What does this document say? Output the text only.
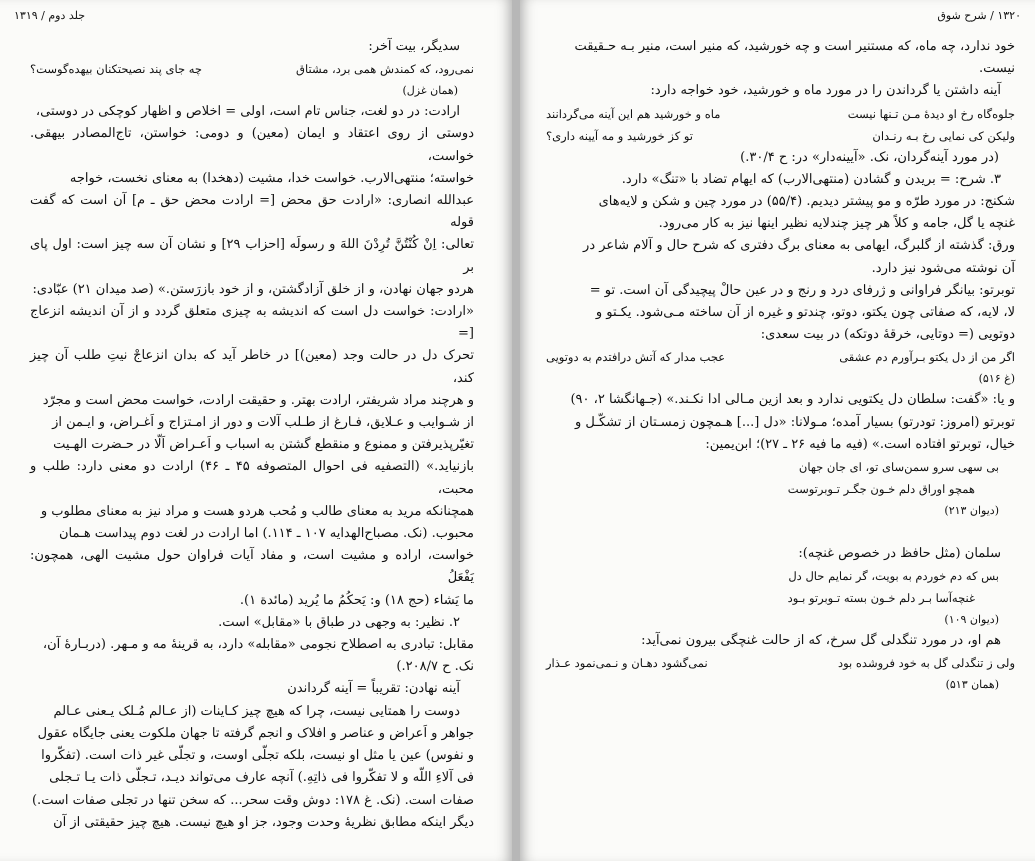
جلد دوم / ۱۳۱۹

سدیگر، بیت آخر:

نمی‌رود، که کمندش همی برد، مشتاق
چه جای پند نصیحتکنان بیهده‌گوست؟

(همان غزل)

ارادت: در دو لغت، جناس تام است، اولی = اخلاص و اظهار کوچکی در دوستی،

دوستی از روی اعتقاد و ایمان (معین) و دومی: خواستن، تاج‌المصادر بیهقی. خواست،

خواسته؛ منتهی‌الارب. خواست خدا، مشیت (دهخدا) به معنای نخست، خواجه

عبدالله انصاری: «ارادت حق محض [= ارادت محض حق ـ م] آن است که گفت قوله

تعالی: اِنْ کُنْتُنَّ تُرِدْنَ اللهَ و رسولَه [احزاب ۲۹] و نشان آن سه چیز است: اول پای بر

هردو جهان نهادن، و از خلق آزادگشتن، و از خود بازرَستن.» (صد میدان ۲۱) عبّادی:

«ارادت: خواست دل است که اندیشه به چیزی متعلق گردد و از آن اندیشه انزعاج [=

تحرک دل در حالت وجد (معین)] در خاطر آید که بدان انزعاجْ نیتِ طلب آن چیز کند،

و هرچند مراد شریفتر، ارادت بهتر. و حقیقت ارادت، خواست محض است و مجرّد

از شـوایب و عـلایق، فـارغ از طـلب آلات و دور از امـتزاج و اَغـراض، و ایـمن از

تغیّرپذیرفتن و ممنوع و منقطع گشتن به اسباب و اَعـراض اَلّا در حـضرت الهـیت

بازنیاید.» (التصفیه فی احوال المتصوفه ۴۵ ـ ۴۶) ارادت دو معنی دارد: طلب و محبت،

همچنانکه مرید به معنای طالب و مُحب هردو هست و مراد نیز به معنای مطلوب و

محبوب. (نک. مصباح‌الهدایه ۱۰۷ ـ ۱۱۴.) اما ارادت در لغت دوم پیداست هـمان

خواست، اراده و مشیت است، و مفاد آیات فراوان حول مشیت الهی، همچون: یَفْعَلُ

ما یَشاء (حج ۱۸) و: یَحکُمُ ما یُرید (مائدة ۱).

۲. نظیر: به وجهی در طباق با «مقابل» است.

مقابل: تبادری به اصطلاح نجومی «مقابله» دارد، به قرینهٔ مه و مـهر. (دربـارهٔ آن،

نک. ح ۲۰۸/۷.)

آینه نهادن: تقریباً = آینه گرداندن

دوست را همتایی نیست، چرا که هیچ چیز کـاینات (از عـالم مُـلک یـعنی عـالم

جواهر و اَعراض و عناصر و افلاک و انجم گرفته تا جهان ملکوت یعنی جایگاه عقول

و نفوس) عین یا مثل او نیست، بلکه تجلّی اوست، و تجلّی غیر ذات است. (تفکّروا

فی آلاءِ اللّه و لا تفکّروا فی ذاتِهِ.) آنچه عارف می‌تواند دیـد، تـجلّی ذات یـا تـجلی

صفات است. (نک. غ ۱۷۸: دوش وقت سحر... که سخن تنها در تجلی صفات است.)

دیگر اینکه مطابق نظریهٔ وحدت وجود، جز او هیچ نیست. هیچ چیز حقیقتی از آن

۱۳۲۰ / شرح شوق

خود ندارد، چه ماه، که مستنیر است و چه خورشید، که منیر است، منیر بـه حـقیقت

نیست.

آینه داشتن یا گرداندن را در مورد ماه و خورشید، خود خواجه دارد:

جلوه‌گاه رخ او دیدهٔ مـن تـنها نیست
ماه و خورشید هم این آینه می‌گردانند
ولیکن کی نمایی رخ بـه رنـدان
تو کز خورشید و مه آیینه داری؟

(در مورد آینه‌گردان، نک. «آیینه‌دار» در: ح ۳۰/۴.)

۳. شرح: = بریدن و گشادن (منتهی‌الارب) که ایهام تضاد با «تنگ» دارد.

شکنج: در مورد طرّه و مو پیشتر دیدیم. (۵۵/۴) در مورد چین و شکن و لایه‌های

غنچه یا گل، جامه و کلاً هر چیز چندلایه نظیر اینها نیز به کار می‌رود.

ورق: گذشته از گلبرگ، ایهامی به معنای برگ دفتری که شرح حال و آلام شاعر در

آن نوشته می‌شود نیز دارد.

توبرتو: بیانگر فراوانی و ژرفای درد و رنج و در عین حالْ پیچیدگی آن است. تو =

لا، لایه، که صفاتی چون یکتو، دوتو، چندتو و غیره از آن ساخته مـی‌شود. یکـتو و

دوتویی (= دوتایی، خرقهٔ دوتکه) در بیت سعدی:

اگر من از دل یکتو بـرآورم دم عشقی
عجب مدار که آتش درافتدم به دوتویی

(غ ۵۱۶)

و یا: «گفت: سلطان دل یکتویی ندارد و بعد ازین مـالی ادا نکـند.» (جـهانگشا ۲، ۹۰)

توبرتو (امروز: تودرتو) بسیار آمده؛ مـولانا: «دل [...] هـمچون زمسـتان از تشکّـل و

خیال، توبرتو افتاده است.» (فیه ما فیه ۲۶ ـ ۲۷)؛ ابن‌یمین:

بی سهی سرو سمن‌سای تو، ای جان جهان
همچو اوراق دلم خـون جگـر تـوبرتوست

(دیوان ۲۱۳)

سلمان (مثل حافظ در خصوص غنچه):

بس که دم خوردم به بویت، گر نمایم حال دل
غنچه‌آسا بـر دلم خـون بسته تـوبرتو بـود

(دیوان ۱۰۹)

هم او، در مورد تنگدلی گل سرخ، که از حالت غنچگی بیرون نمی‌آید:

ولی ز تنگدلی گل به خود فروشده بود
نمی‌گشود دهـان و نـمی‌نمود عـذار

(همان ۵۱۳)
